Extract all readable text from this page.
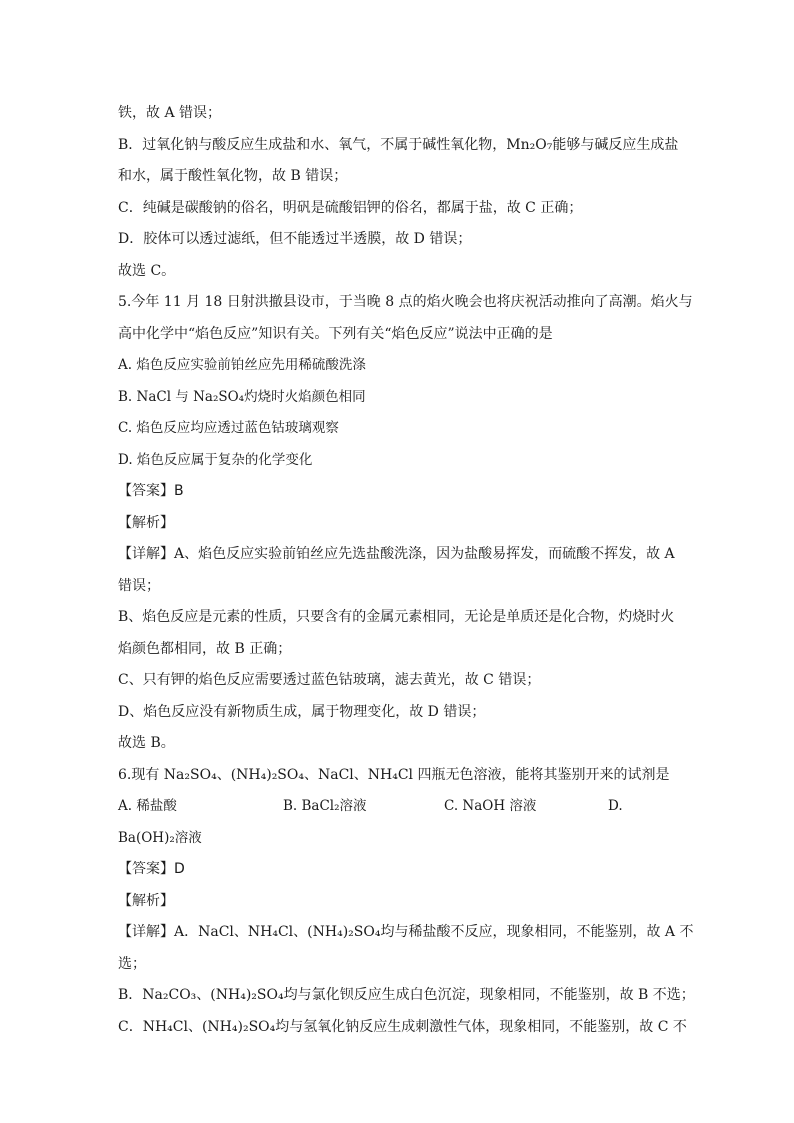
铁，故 A 错误；
B．过氧化钠与酸反应生成盐和水、氧气，不属于碱性氧化物，Mn₂O₇能够与碱反应生成盐
和水，属于酸性氧化物，故 B 错误；
C．纯碱是碳酸钠的俗名，明矾是硫酸铝钾的俗名，都属于盐，故 C 正确；
D．胶体可以透过滤纸，但不能透过半透膜，故 D 错误；
故选 C。
5.今年 11 月 18 日射洪撤县设市，于当晚 8 点的焰火晚会也将庆祝活动推向了高潮。焰火与
高中化学中“焰色反应”知识有关。下列有关“焰色反应”说法中正确的是
A. 焰色反应实验前铂丝应先用稀硫酸洗涤
B. NaCl 与 Na₂SO₄灼烧时火焰颜色相同
C. 焰色反应均应透过蓝色钴玻璃观察
D. 焰色反应属于复杂的化学变化
【答案】B
【解析】
【详解】A、焰色反应实验前铂丝应先选盐酸洗涤，因为盐酸易挥发，而硫酸不挥发，故 A
错误；
B、焰色反应是元素的性质，只要含有的金属元素相同，无论是单质还是化合物，灼烧时火
焰颜色都相同，故 B 正确；
C、只有钾的焰色反应需要透过蓝色钴玻璃，滤去黄光，故 C 错误；
D、焰色反应没有新物质生成，属于物理变化，故 D 错误；
故选 B。
6.现有 Na₂SO₄、(NH₄)₂SO₄、NaCl、NH₄Cl 四瓶无色溶液，能将其鉴别开来的试剂是
A. 稀盐酸	B. BaCl₂溶液	C. NaOH 溶液	D.
Ba(OH)₂溶液
【答案】D
【解析】
【详解】A．NaCl、NH₄Cl、(NH₄)₂SO₄均与稀盐酸不反应，现象相同，不能鉴别，故 A 不
选；
B．Na₂CO₃、(NH₄)₂SO₄均与氯化钡反应生成白色沉淀，现象相同，不能鉴别，故 B 不选；
C．NH₄Cl、(NH₄)₂SO₄均与氢氧化钠反应生成刺激性气体，现象相同，不能鉴别，故 C 不
